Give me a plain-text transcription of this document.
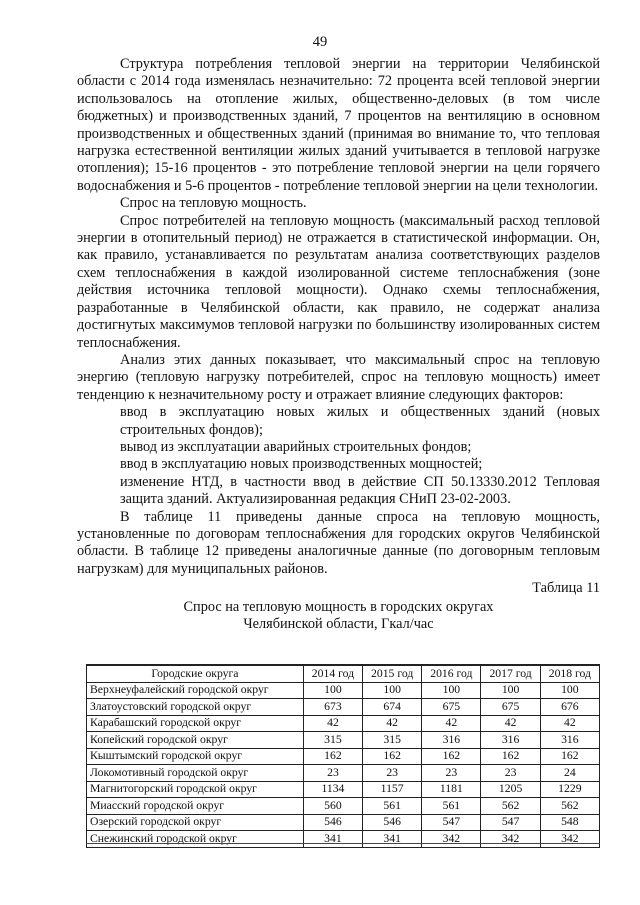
49

Структура потребления тепловой энергии на территории Челябинской области с 2014 года изменялась незначительно: 72 процента всей тепловой энергии использовалось на отопление жилых, общественно-деловых (в том числе бюджетных) и производственных зданий, 7 процентов на вентиляцию в основном производственных и общественных зданий (принимая во внимание то, что тепловая нагрузка естественной вентиляции жилых зданий учитывается в тепловой нагрузке отопления); 15-16 процентов - это потребление тепловой энергии на цели горячего водоснабжения и 5-6 процентов - потребление тепловой энергии на цели технологии.

Спрос на тепловую мощность.

Спрос потребителей на тепловую мощность (максимальный расход тепловой энергии в отопительный период) не отражается в статистической информации. Он, как правило, устанавливается по результатам анализа соответствующих разделов схем теплоснабжения в каждой изолированной системе теплоснабжения (зоне действия источника тепловой мощности). Однако схемы теплоснабжения, разработанные в Челябинской области, как правило, не содержат анализа достигнутых максимумов тепловой нагрузки по большинству изолированных систем теплоснабжения.

Анализ этих данных показывает, что максимальный спрос на тепловую энергию (тепловую нагрузку потребителей, спрос на тепловую мощность) имеет тенденцию к незначительному росту и отражает влияние следующих факторов:

ввод в эксплуатацию новых жилых и общественных зданий (новых строительных фондов);

вывод из эксплуатации аварийных строительных фондов;

ввод в эксплуатацию новых производственных мощностей;

изменение НТД, в частности ввод в действие СП 50.13330.2012 Тепловая защита зданий. Актуализированная редакция СНиП 23-02-2003.

В таблице 11 приведены данные спроса на тепловую мощность, установленные по договорам теплоснабжения для городских округов Челябинской области. В таблице 12 приведены аналогичные данные (по договорным тепловым нагрузкам) для муниципальных районов.

Таблица 11
Спрос на тепловую мощность в городских округах
Челябинской области, Гкал/час
Городские округа	2014 год	2015 год	2016 год	2017 год	2018 год
Верхнеуфалейский городской округ	100	100	100	100	100
Златоустовский городской округ	673	674	675	675	676
Карабашский городской округ	42	42	42	42	42
Копейский городской округ	315	315	316	316	316
Кыштымский городской округ	162	162	162	162	162
Локомотивный городской округ	23	23	23	23	24
Магнитогорский городской округ	1134	1157	1181	1205	1229
Миасский городской округ	560	561	561	562	562
Озерский городской округ	546	546	547	547	548
Снежинский городской округ	341	341	342	342	342
